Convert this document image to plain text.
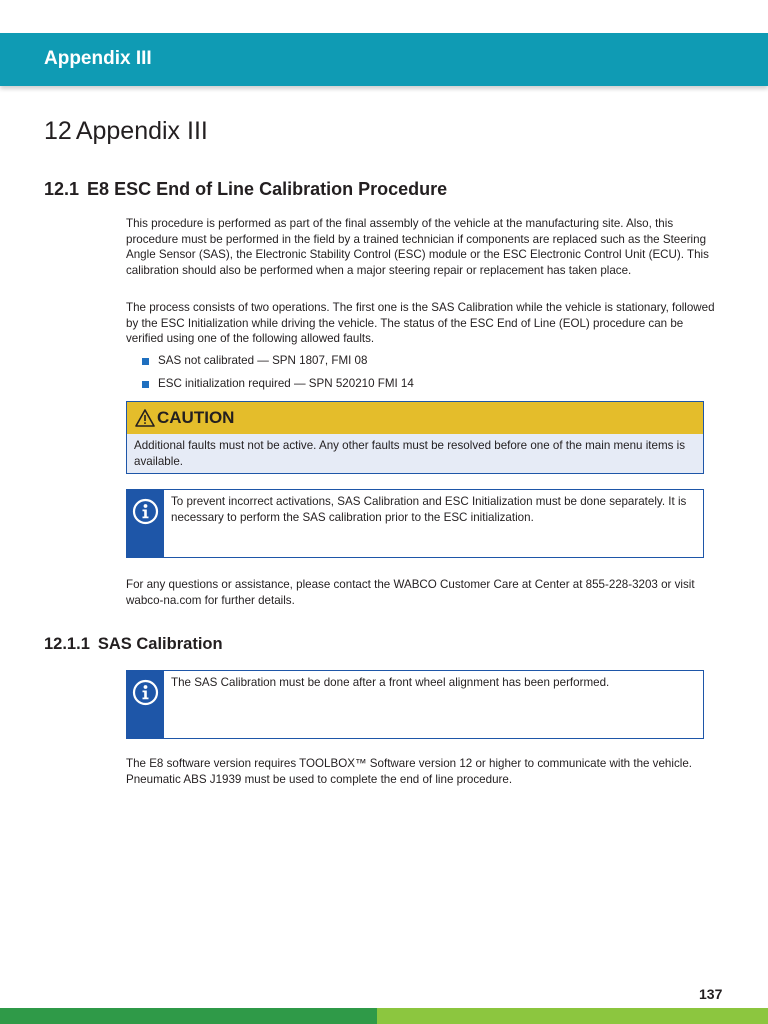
Appendix III
12 Appendix III
12.1 E8 ESC End of Line Calibration Procedure

This procedure is performed as part of the final assembly of the vehicle at the manufacturing site. Also, this procedure must be performed in the field by a trained technician if components are replaced such as the Steering Angle Sensor (SAS), the Electronic Stability Control (ESC) module or the ESC Electronic Control Unit (ECU). This calibration should also be performed when a major steering repair or replacement has taken place.

The process consists of two operations. The first one is the SAS Calibration while the vehicle is stationary, followed by the ESC Initialization while driving the vehicle. The status of the ESC End of Line (EOL) procedure can be verified using one of the following allowed faults.

SAS not calibrated — SPN 1807, FMI 08
ESC initialization required — SPN 520210 FMI 14
CAUTION
Additional faults must not be active. Any other faults must be resolved before one of the main menu items is available.
To prevent incorrect activations, SAS Calibration and ESC Initialization must be done separately. It is necessary to perform the SAS calibration prior to the ESC initialization.

For any questions or assistance, please contact the WABCO Customer Care at Center at 855-228-3203 or visit wabco-na.com for further details.

12.1.1 SAS Calibration
The SAS Calibration must be done after a front wheel alignment has been performed.

The E8 software version requires TOOLBOX™ Software version 12 or higher to communicate with the vehicle. Pneumatic ABS J1939 must be used to complete the end of line procedure.

137
